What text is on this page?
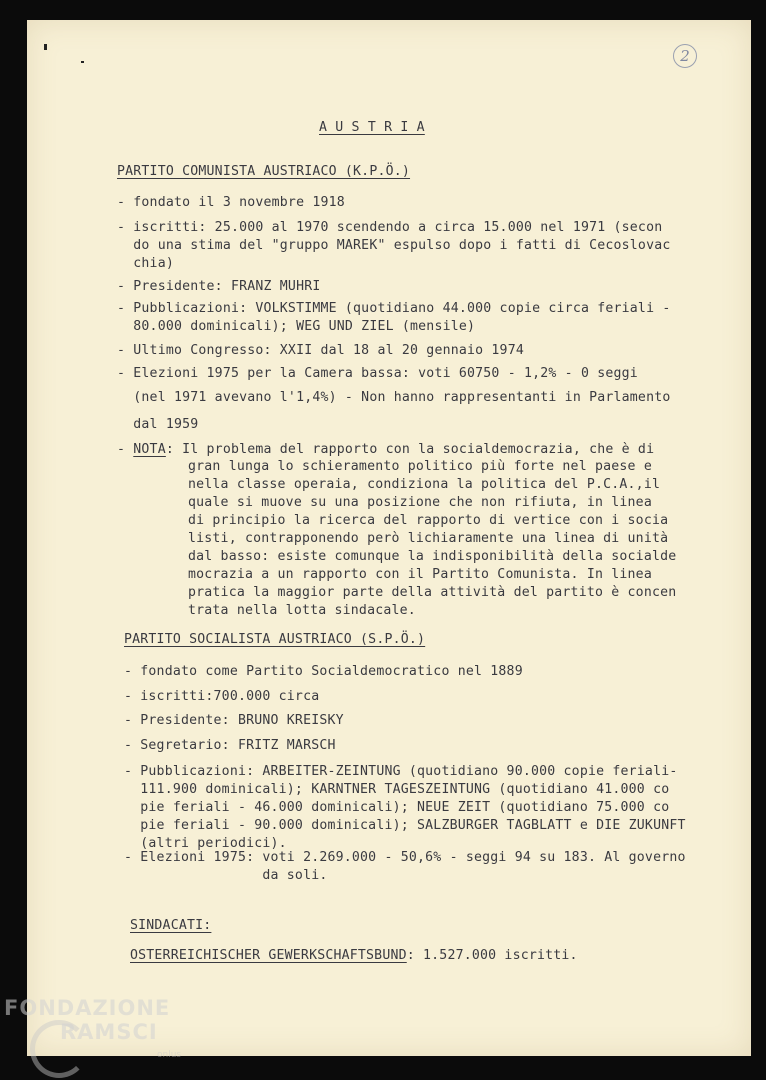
2
A U S T R I A
PARTITO COMUNISTA AUSTRIACO (K.P.Ö.)
- fondato il 3 novembre 1918
- iscritti: 25.000 al 1970 scendendo a circa 15.000 nel 1971 (secon
do una stima del "gruppo MAREK" espulso dopo i fatti di Cecoslovac
chia)
- Presidente: FRANZ MUHRI
- Pubblicazioni: VOLKSTIMME (quotidiano 44.000 copie circa feriali -
80.000 dominicali); WEG UND ZIEL (mensile)
- Ultimo Congresso: XXII dal 18 al 20 gennaio 1974
- Elezioni 1975 per la Camera bassa: voti 60750 - 1,2% - 0 seggi
(nel 1971 avevano l'1,4%) - Non hanno rappresentanti in Parlamento
dal 1959
- NOTA: Il problema del rapporto con la socialdemocrazia, che è di
gran lunga lo schieramento politico più forte nel paese e
nella classe operaia, condiziona la politica del P.C.A.,il
quale si muove su una posizione che non rifiuta, in linea
di principio la ricerca del rapporto di vertice con i socia
listi, contrapponendo però lichiaramente una linea di unità
dal basso: esiste comunque la indisponibilità della socialde
mocrazia a un rapporto con il Partito Comunista. In linea
pratica la maggior parte della attività del partito è concen
trata nella lotta sindacale.
PARTITO SOCIALISTA AUSTRIACO (S.P.Ö.)
- fondato come Partito Socialdemocratico nel 1889
- iscritti:700.000 circa
- Presidente: BRUNO KREISKY
- Segretario: FRITZ MARSCH
- Pubblicazioni: ARBEITER-ZEINTUNG (quotidiano 90.000 copie feriali-
111.900 dominicali); KARNTNER TAGESZEINTUNG (quotidiano 41.000 co
pie feriali - 46.000 dominicali); NEUE ZEIT (quotidiano 75.000 co
pie feriali - 90.000 dominicali); SALZBURGER TAGBLATT e DIE ZUKUNFT
(altri periodici).
- Elezioni 1975: voti 2.269.000 - 50,6% - seggi 94 su 183. Al governo
da soli.
SINDACATI:
OSTERREICHISCHER GEWERKSCHAFTSBUND: 1.527.000 iscritti.
FONDAZIONE
RAMSCI
onlus
